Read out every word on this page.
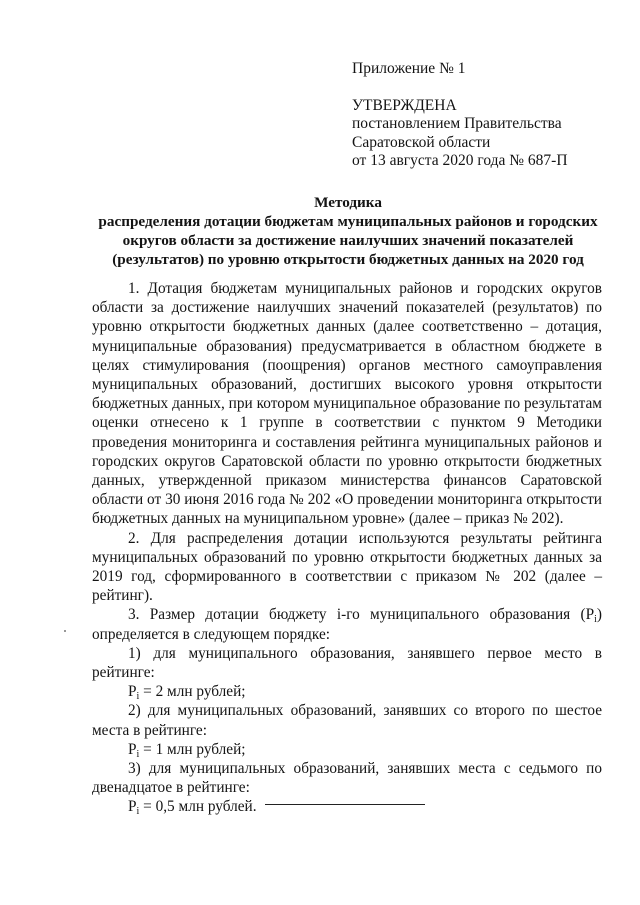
Приложение № 1
УТВЕРЖДЕНА
постановлением Правительства
Саратовской области
от 13 августа 2020 года № 687-П
Методика
распределения дотации бюджетам муниципальных районов и городских
округов области за достижение наилучших значений показателей
(результатов) по уровню открытости бюджетных данных на 2020 год

1. Дотация бюджетам муниципальных районов и городских округов области за достижение наилучших значений показателей (результатов) по уровню открытости бюджетных данных (далее соответственно – дотация, муниципальные образования) предусматривается в областном бюджете в целях стимулирования (поощрения) органов местного самоуправления муниципальных образований, достигших высокого уровня открытости бюджетных данных, при котором муниципальное образование по результатам оценки отнесено к 1 группе в соответствии с пунктом 9 Методики проведения мониторинга и составления рейтинга муниципальных районов и городских округов Саратовской области по уровню открытости бюджетных данных, утвержденной приказом министерства финансов Саратовской области от 30 июня 2016 года № 202 «О проведении мониторинга открытости бюджетных данных на муниципальном уровне» (далее – приказ № 202).

2. Для распределения дотации используются результаты рейтинга муниципальных образований по уровню открытости бюджетных данных за 2019 год, сформированного в соответствии с приказом № 202 (далее – рейтинг).

3. Размер дотации бюджету i-го муниципального образования $(P_i)$ определяется в следующем порядке:

1) для муниципального образования, занявшего первое место в рейтинге:

$P_i = 2$ млн рублей;

2) для муниципальных образований, занявших со второго по шестое места в рейтинге:

$P_i = 1$ млн рублей;

3) для муниципальных образований, занявших места с седьмого по двенадцатое в рейтинге:

$P_i = 0,5$ млн рублей.
